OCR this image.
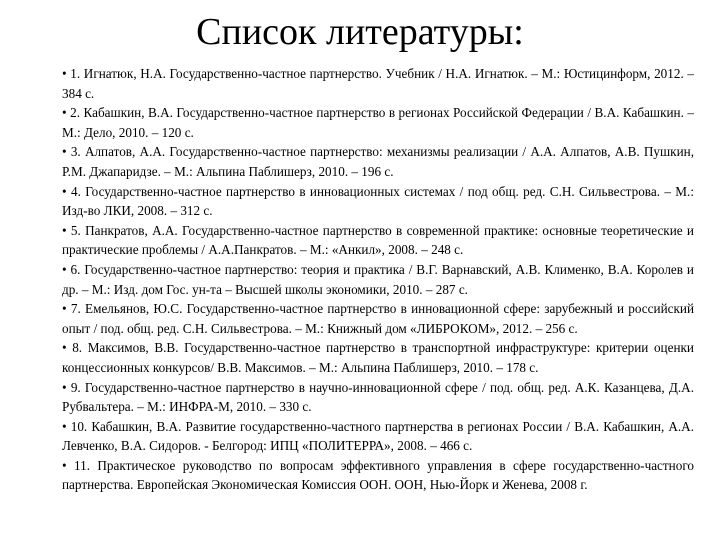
Список литературы:
• 1. Игнатюк, Н.А. Государственно-частное партнерство. Учебник / Н.А. Игнатюк. – М.: Юстицинформ, 2012. – 384 с.
• 2. Кабашкин, В.А. Государственно-частное партнерство в регионах Российской Федерации / В.А. Кабашкин. – М.: Дело, 2010. – 120 с.
• 3. Алпатов, А.А. Государственно-частное партнерство: механизмы реализации / А.А. Алпатов, А.В. Пушкин, Р.М. Джапаридзе. – М.: Альпина Паблишерз, 2010. – 196 с.
• 4. Государственно-частное партнерство в инновационных системах / под общ. ред. С.Н. Сильвестрова. – М.: Изд-во ЛКИ, 2008. – 312 с.
• 5. Панкратов, А.А. Государственно-частное партнерство в современной практике: основные теоретические и практические проблемы / А.А.Панкратов. – М.: «Анкил», 2008. – 248 с.
• 6. Государственно-частное партнерство: теория и практика / В.Г. Варнавский, А.В. Клименко, В.А. Королев и др. – М.: Изд. дом Гос. ун-та – Высшей школы экономики, 2010. – 287 с.
• 7. Емельянов, Ю.С. Государственно-частное партнерство в инновационной сфере: зарубежный и российский опыт / под. общ. ред. С.Н. Сильвестрова. – М.: Книжный дом «ЛИБРОКОМ», 2012. – 256 с.
• 8. Максимов, В.В. Государственно-частное партнерство в транспортной инфраструктуре: критерии оценки концессионных конкурсов/ В.В. Максимов. – М.: Альпина Паблишерз, 2010. – 178 с.
• 9. Государственно-частное партнерство в научно-инновационной сфере / под. общ. ред. А.К. Казанцева, Д.А. Рубвальтера. – М.: ИНФРА-М, 2010. – 330 с.
• 10. Кабашкин, В.А. Развитие государственно-частного партнерства в регионах России / В.А. Кабашкин, А.А. Левченко, В.А. Сидоров. - Белгород: ИПЦ «ПОЛИТЕРРА», 2008. – 466 с.
• 11. Практическое руководство по вопросам эффективного управления в сфере государственно-частного партнерства. Европейская Экономическая Комиссия ООН. ООН, Нью-Йорк и Женева, 2008 г.
